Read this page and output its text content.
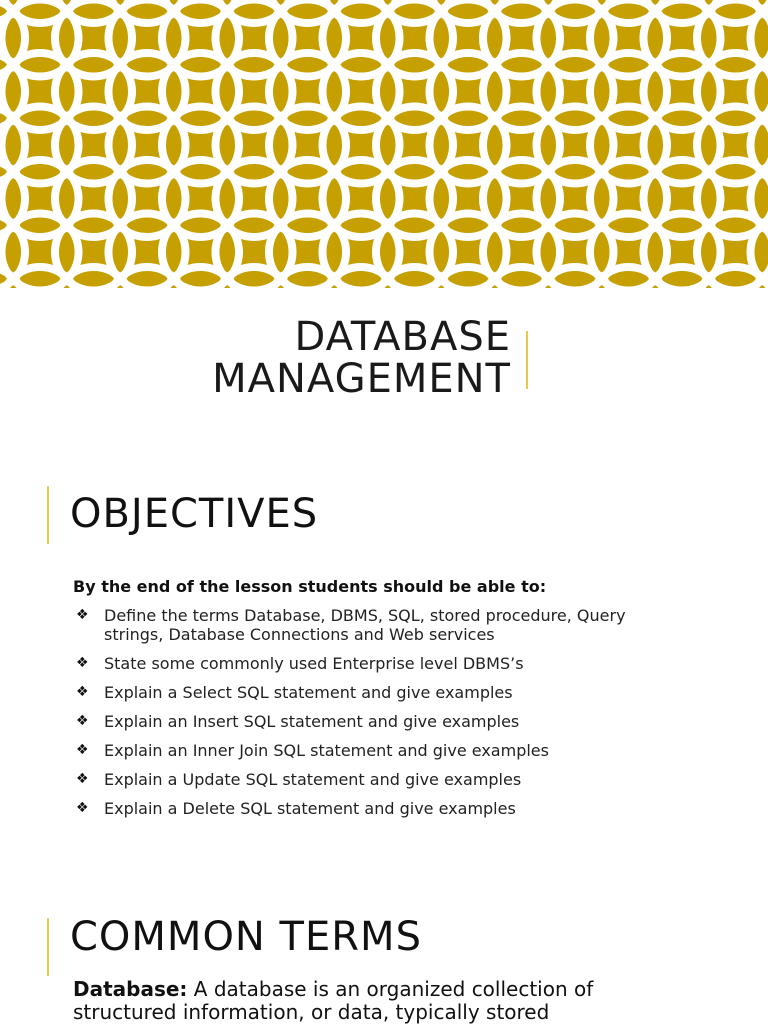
DATABASE
MANAGEMENT
OBJECTIVES
By the end of the lesson students should be able to:
❖ Define the terms Database, DBMS, SQL, stored procedure, Query strings, Database Connections and Web services
❖ State some commonly used Enterprise level DBMS’s
❖ Explain a Select SQL statement and give examples
❖ Explain an Insert SQL statement and give examples
❖ Explain an Inner Join SQL statement and give examples
❖ Explain a Update SQL statement and give examples
❖ Explain a Delete SQL statement and give examples
COMMON TERMS
Database: A database is an organized collection of structured information, or data, typically stored
